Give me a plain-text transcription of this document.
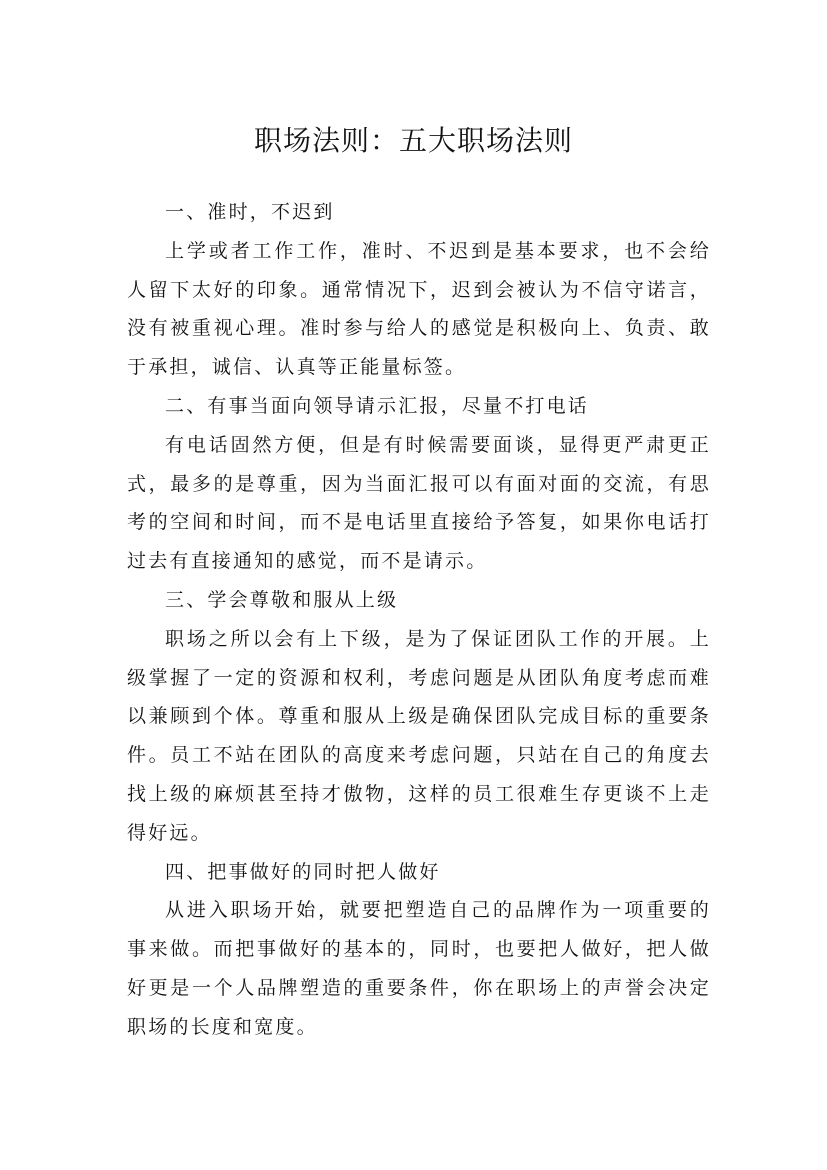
职场法则：五大职场法则

一、准时，不迟到

上学或者工作工作，准时、不迟到是基本要求，也不会给人留下太好的印象。通常情况下，迟到会被认为不信守诺言，没有被重视心理。准时参与给人的感觉是积极向上、负责、敢于承担，诚信、认真等正能量标签。

二、有事当面向领导请示汇报，尽量不打电话

有电话固然方便，但是有时候需要面谈，显得更严肃更正式，最多的是尊重，因为当面汇报可以有面对面的交流，有思考的空间和时间，而不是电话里直接给予答复，如果你电话打过去有直接通知的感觉，而不是请示。

三、学会尊敬和服从上级

职场之所以会有上下级，是为了保证团队工作的开展。上级掌握了一定的资源和权利，考虑问题是从团队角度考虑而难以兼顾到个体。尊重和服从上级是确保团队完成目标的重要条件。员工不站在团队的高度来考虑问题，只站在自己的角度去找上级的麻烦甚至持才傲物，这样的员工很难生存更谈不上走得好远。

四、把事做好的同时把人做好

从进入职场开始，就要把塑造自己的品牌作为一项重要的事来做。而把事做好的基本的，同时，也要把人做好，把人做好更是一个人品牌塑造的重要条件，你在职场上的声誉会决定职场的长度和宽度。
